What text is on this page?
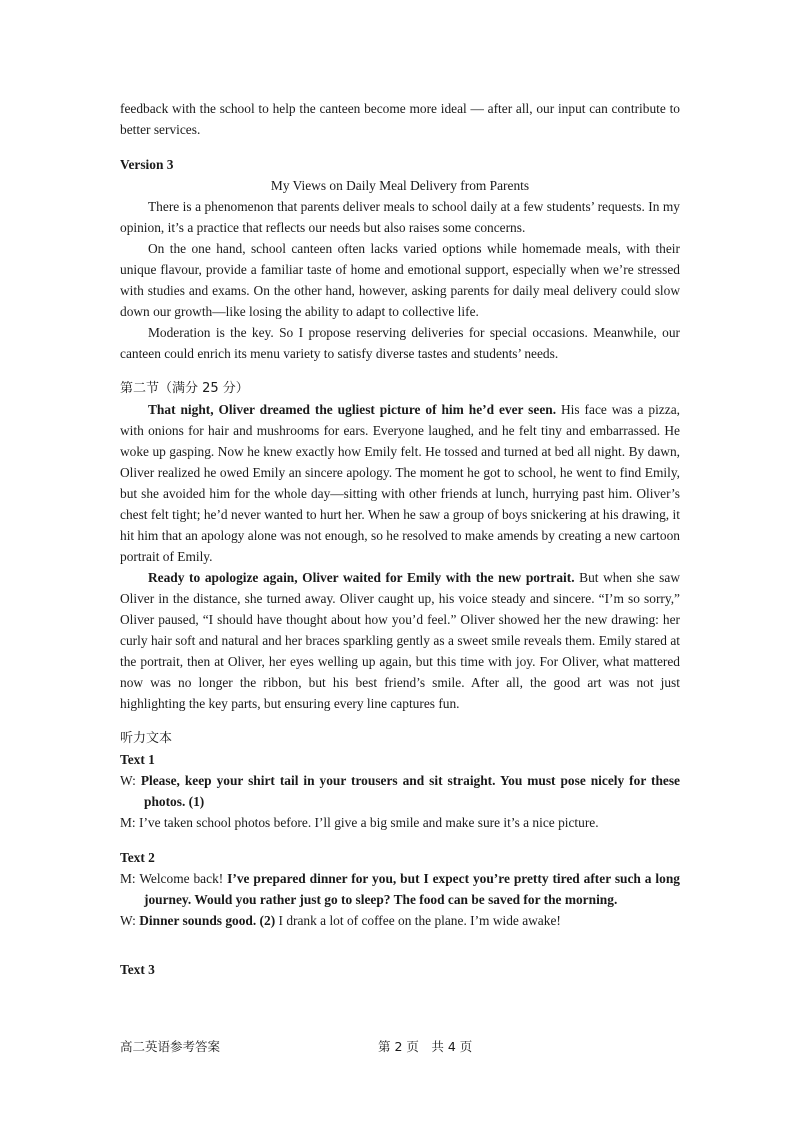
feedback with the school to help the canteen become more ideal — after all, our input can contribute to better services.

Version 3

My Views on Daily Meal Delivery from Parents

There is a phenomenon that parents deliver meals to school daily at a few students’ requests. In my opinion, it’s a practice that reflects our needs but also raises some concerns.

On the one hand, school canteen often lacks varied options while homemade meals, with their unique flavour, provide a familiar taste of home and emotional support, especially when we’re stressed with studies and exams. On the other hand, however, asking parents for daily meal delivery could slow down our growth—like losing the ability to adapt to collective life.

Moderation is the key. So I propose reserving deliveries for special occasions. Meanwhile, our canteen could enrich its menu variety to satisfy diverse tastes and students’ needs.

第二节（满分 25 分）

That night, Oliver dreamed the ugliest picture of him he’d ever seen. His face was a pizza, with onions for hair and mushrooms for ears. Everyone laughed, and he felt tiny and embarrassed. He woke up gasping. Now he knew exactly how Emily felt. He tossed and turned at bed all night. By dawn, Oliver realized he owed Emily an sincere apology. The moment he got to school, he went to find Emily, but she avoided him for the whole day—sitting with other friends at lunch, hurrying past him. Oliver’s chest felt tight; he’d never wanted to hurt her. When he saw a group of boys snickering at his drawing, it hit him that an apology alone was not enough, so he resolved to make amends by creating a new cartoon portrait of Emily.

Ready to apologize again, Oliver waited for Emily with the new portrait. But when she saw Oliver in the distance, she turned away. Oliver caught up, his voice steady and sincere. “I’m so sorry,” Oliver paused, “I should have thought about how you’d feel.” Oliver showed her the new drawing: her curly hair soft and natural and her braces sparkling gently as a sweet smile reveals them. Emily stared at the portrait, then at Oliver, her eyes welling up again, but this time with joy. For Oliver, what mattered now was no longer the ribbon, but his best friend’s smile. After all, the good art was not just highlighting the key parts, but ensuring every line captures fun.

听力文本

Text 1

W: Please, keep your shirt tail in your trousers and sit straight. You must pose nicely for these photos. (1)

M: I’ve taken school photos before. I’ll give a big smile and make sure it’s a nice picture.

Text 2

M: Welcome back! I’ve prepared dinner for you, but I expect you’re pretty tired after such a long journey. Would you rather just go to sleep? The food can be saved for the morning.

W: Dinner sounds good. (2) I drank a lot of coffee on the plane. I’m wide awake!

Text 3

高二英语参考答案	第 2 页　共 4 页
